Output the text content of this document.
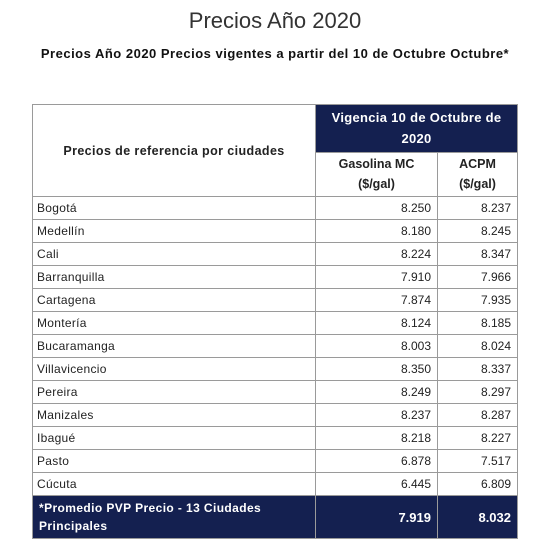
Precios Año 2020
Precios Año 2020 Precios vigentes a partir del 10 de Octubre Octubre*
Precios de referencia por ciudades	Vigencia 10 de Octubre de 2020	
	Gasolina MC ($/gal)	ACPM ($/gal)
Bogotá	8.250	8.237
Medellín	8.180	8.245
Cali	8.224	8.347
Barranquilla	7.910	7.966
Cartagena	7.874	7.935
Montería	8.124	8.185
Bucaramanga	8.003	8.024
Villavicencio	8.350	8.337
Pereira	8.249	8.297
Manizales	8.237	8.287
Ibagué	8.218	8.227
Pasto	6.878	7.517
Cúcuta	6.445	6.809
*Promedio PVP Precio - 13 Ciudades Principales	7.919	8.032
